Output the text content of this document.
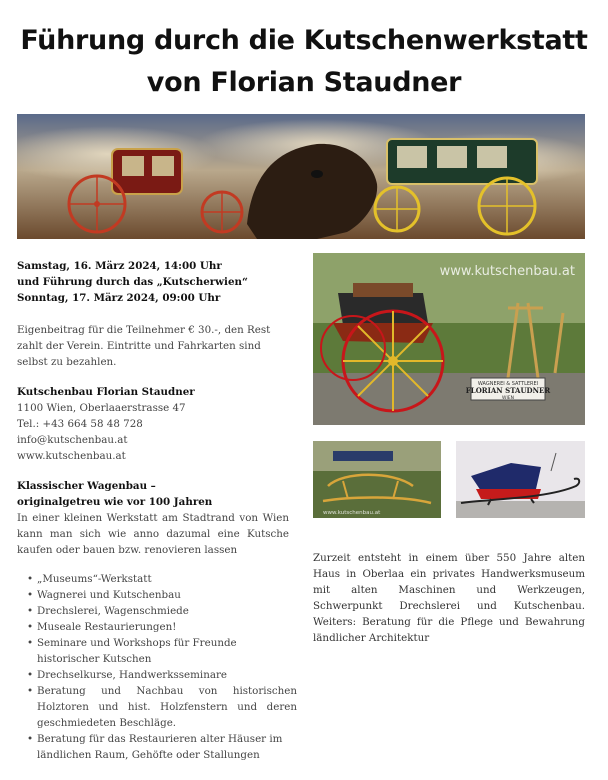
Führung durch die Kutschenwerkstatt
von Florian Staudner

Samstag, 16. März 2024, 14:00 Uhr

und Führung durch das „Kutscherwien“

Sonntag, 17. März 2024, 09:00 Uhr

Eigenbeitrag für die Teilnehmer € 30.-, den Rest zahlt der Verein. Eintritte und Fahrkarten sind selbst zu bezahlen.

Kutschenbau Florian Staudner

1100 Wien, Oberlaaerstrasse 47

Tel.: +43 664 58 48 728

info@kutschenbau.at

www.kutschenbau.at

Klassischer Wagenbau –

originalgetreu wie vor 100 Jahren

In einer kleinen Werkstatt am Stadtrand von Wien kann man sich wie anno dazumal eine Kutsche kaufen oder bauen bzw. renovieren lassen

• „Museums“-Werkstatt
• Wagnerei und Kutschenbau
• Drechslerei, Wagenschmiede
• Museale Restaurierungen!
• Seminare und Workshops für Freunde historischer Kutschen
• Drechselkurse, Handwerksseminare
• Beratung und Nachbau von historischen Holztoren und hist. Holzfenstern und deren geschmiedeten Beschläge.
• Beratung für das Restaurieren alter Häuser im ländlichen Raum, Gehöfte oder Stallungen
www.kutschenbau.at
WAGNEREI & SATTLEREI
FLORIAN STAUDNER
WIEN
www.kutschenbau.at

Zurzeit entsteht in einem über 550 Jahre alten Haus in Oberlaa ein privates Handwerksmuseum mit alten Maschinen und Werkzeugen, Schwerpunkt Drechslerei und Kutschenbau. Weiters: Beratung für die Pflege und Bewahrung ländlicher Architektur
